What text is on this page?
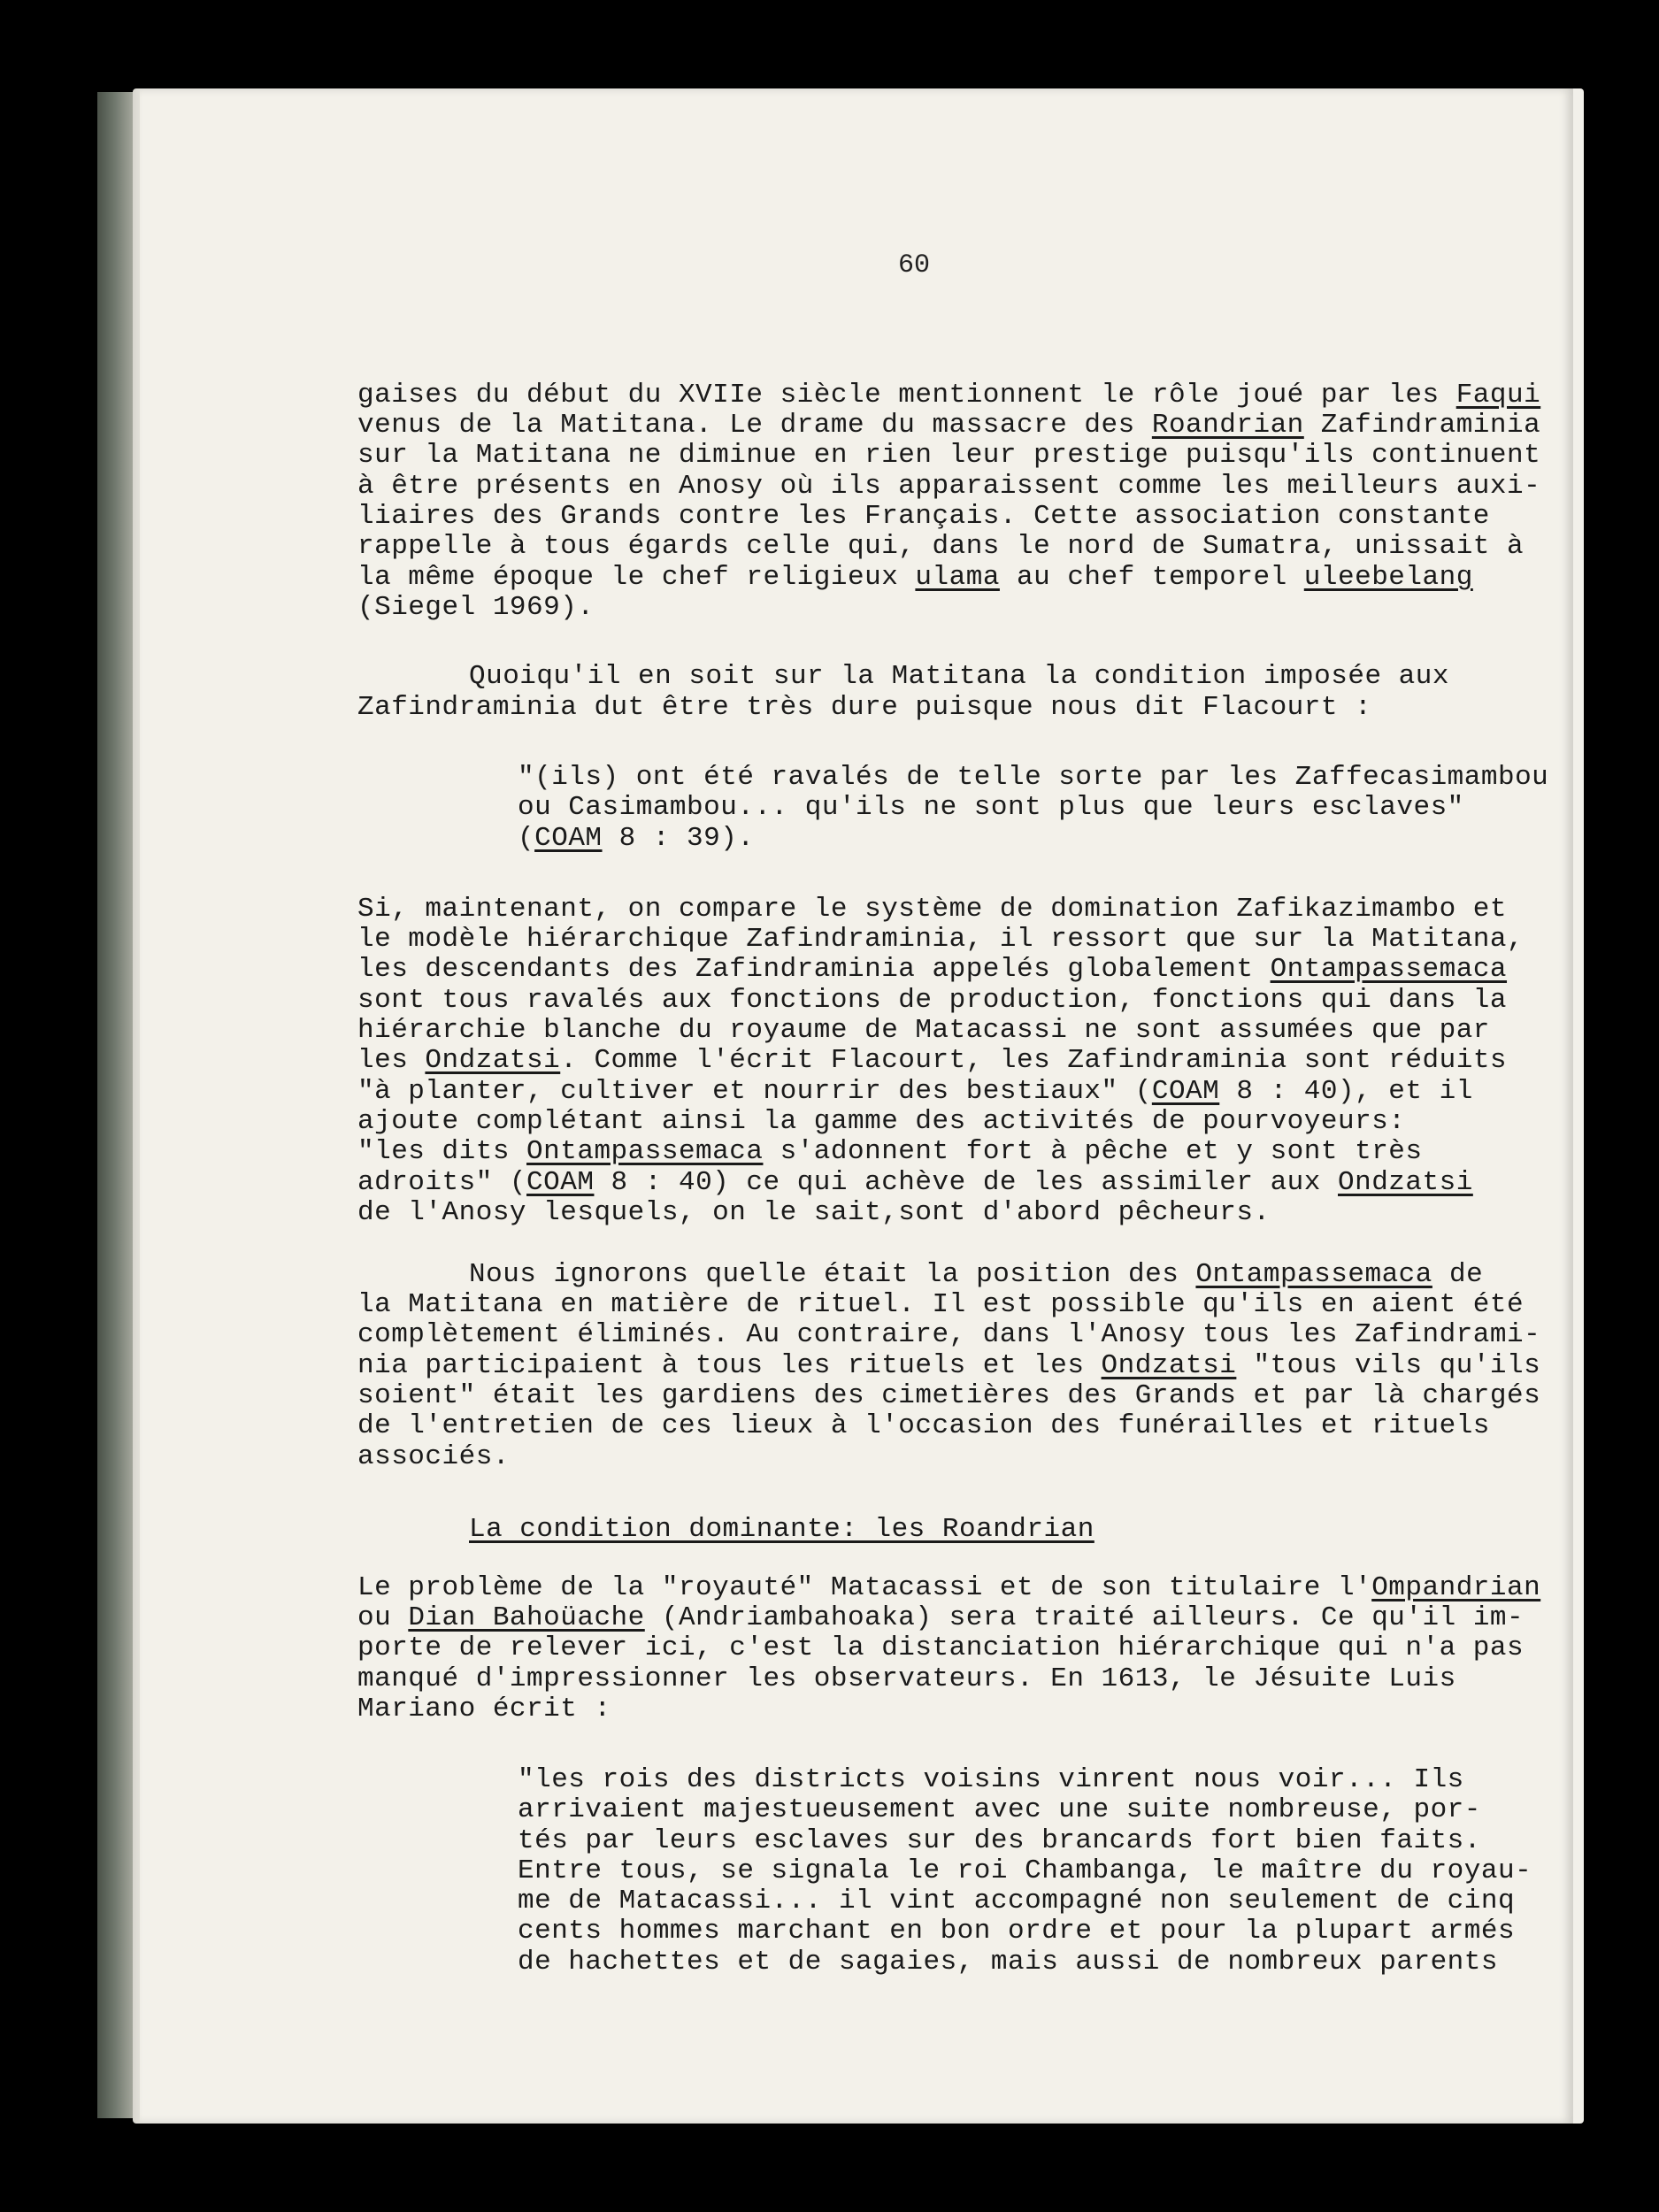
60
gaises du début du XVIIe siècle mentionnent le rôle joué par les Faqui
venus de la Matitana. Le drame du massacre des Roandrian Zafindraminia
sur la Matitana ne diminue en rien leur prestige puisqu'ils continuent
à être présents en Anosy où ils apparaissent comme les meilleurs auxi-
liaires des Grands contre les Français. Cette association constante
rappelle à tous égards celle qui, dans le nord de Sumatra, unissait à
la même époque le chef religieux ulama au chef temporel uleebelang
(Siegel 1969).
Quoiqu'il en soit sur la Matitana la condition imposée aux
Zafindraminia dut être très dure puisque nous dit Flacourt :
"(ils) ont été ravalés de telle sorte par les Zaffecasimambou
ou Casimambou... qu'ils ne sont plus que leurs esclaves"
(COAM 8 : 39).
Si, maintenant, on compare le système de domination Zafikazimambo et
le modèle hiérarchique Zafindraminia, il ressort que sur la Matitana,
les descendants des Zafindraminia appelés globalement Ontampassemaca
sont tous ravalés aux fonctions de production, fonctions qui dans la
hiérarchie blanche du royaume de Matacassi ne sont assumées que par
les Ondzatsi. Comme l'écrit Flacourt, les Zafindraminia sont réduits
"à planter, cultiver et nourrir des bestiaux" (COAM 8 : 40), et il
ajoute complétant ainsi la gamme des activités de pourvoyeurs:
"les dits Ontampassemaca s'adonnent fort à pêche et y sont très
adroits" (COAM 8 : 40) ce qui achève de les assimiler aux Ondzatsi
de l'Anosy lesquels, on le sait,sont d'abord pêcheurs.
Nous ignorons quelle était la position des Ontampassemaca de
la Matitana en matière de rituel. Il est possible qu'ils en aient été
complètement éliminés. Au contraire, dans l'Anosy tous les Zafindrami-
nia participaient à tous les rituels et les Ondzatsi "tous vils qu'ils
soient" était les gardiens des cimetières des Grands et par là chargés
de l'entretien de ces lieux à l'occasion des funérailles et rituels
associés.
La condition dominante: les Roandrian
Le problème de la "royauté" Matacassi et de son titulaire l'Ompandrian
ou Dian Bahoüache (Andriambahoaka) sera traité ailleurs. Ce qu'il im-
porte de relever ici, c'est la distanciation hiérarchique qui n'a pas
manqué d'impressionner les observateurs. En 1613, le Jésuite Luis
Mariano écrit :
"les rois des districts voisins vinrent nous voir... Ils
arrivaient majestueusement avec une suite nombreuse, por-
tés par leurs esclaves sur des brancards fort bien faits.
Entre tous, se signala le roi Chambanga, le maître du royau-
me de Matacassi... il vint accompagné non seulement de cinq
cents hommes marchant en bon ordre et pour la plupart armés
de hachettes et de sagaies, mais aussi de nombreux parents
